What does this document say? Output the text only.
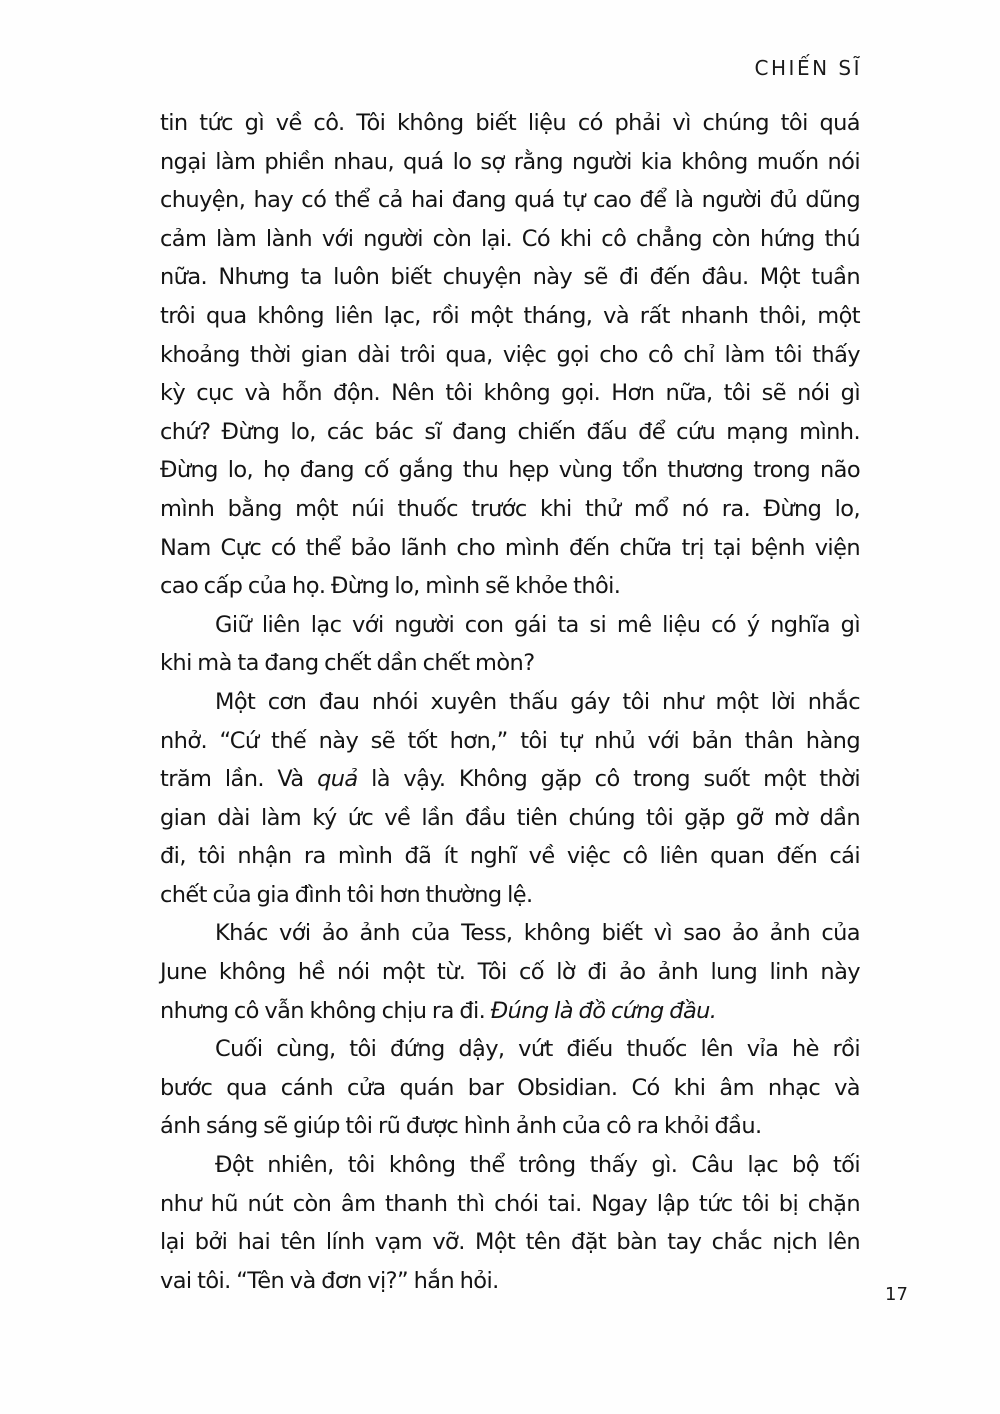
CHIẾN SĨ
tin tức gì về cô. Tôi không biết liệu có phải vì chúng tôi quá
ngại làm phiền nhau, quá lo sợ rằng người kia không muốn nói
chuyện, hay có thể cả hai đang quá tự cao để là người đủ dũng
cảm làm lành với người còn lại. Có khi cô chẳng còn hứng thú
nữa. Nhưng ta luôn biết chuyện này sẽ đi đến đâu. Một tuần
trôi qua không liên lạc, rồi một tháng, và rất nhanh thôi, một
khoảng thời gian dài trôi qua, việc gọi cho cô chỉ làm tôi thấy
kỳ cục và hỗn độn. Nên tôi không gọi. Hơn nữa, tôi sẽ nói gì
chứ? Đừng lo, các bác sĩ đang chiến đấu để cứu mạng mình.
Đừng lo, họ đang cố gắng thu hẹp vùng tổn thương trong não
mình bằng một núi thuốc trước khi thử mổ nó ra. Đừng lo,
Nam Cực có thể bảo lãnh cho mình đến chữa trị tại bệnh viện
cao cấp của họ. Đừng lo, mình sẽ khỏe thôi.
Giữ liên lạc với người con gái ta si mê liệu có ý nghĩa gì
khi mà ta đang chết dần chết mòn?
Một cơn đau nhói xuyên thấu gáy tôi như một lời nhắc
nhở. “Cứ thế này sẽ tốt hơn,” tôi tự nhủ với bản thân hàng
trăm lần. Và quả là vậy. Không gặp cô trong suốt một thời
gian dài làm ký ức về lần đầu tiên chúng tôi gặp gỡ mờ dần
đi, tôi nhận ra mình đã ít nghĩ về việc cô liên quan đến cái
chết của gia đình tôi hơn thường lệ.
Khác với ảo ảnh của Tess, không biết vì sao ảo ảnh của
June không hề nói một từ. Tôi cố lờ đi ảo ảnh lung linh này
nhưng cô vẫn không chịu ra đi. Đúng là đồ cứng đầu.
Cuối cùng, tôi đứng dậy, vứt điếu thuốc lên vỉa hè rồi
bước qua cánh cửa quán bar Obsidian. Có khi âm nhạc và
ánh sáng sẽ giúp tôi rũ được hình ảnh của cô ra khỏi đầu.
Đột nhiên, tôi không thể trông thấy gì. Câu lạc bộ tối
như hũ nút còn âm thanh thì chói tai. Ngay lập tức tôi bị chặn
lại bởi hai tên lính vạm vỡ. Một tên đặt bàn tay chắc nịch lên
vai tôi. “Tên và đơn vị?” hắn hỏi.
17
